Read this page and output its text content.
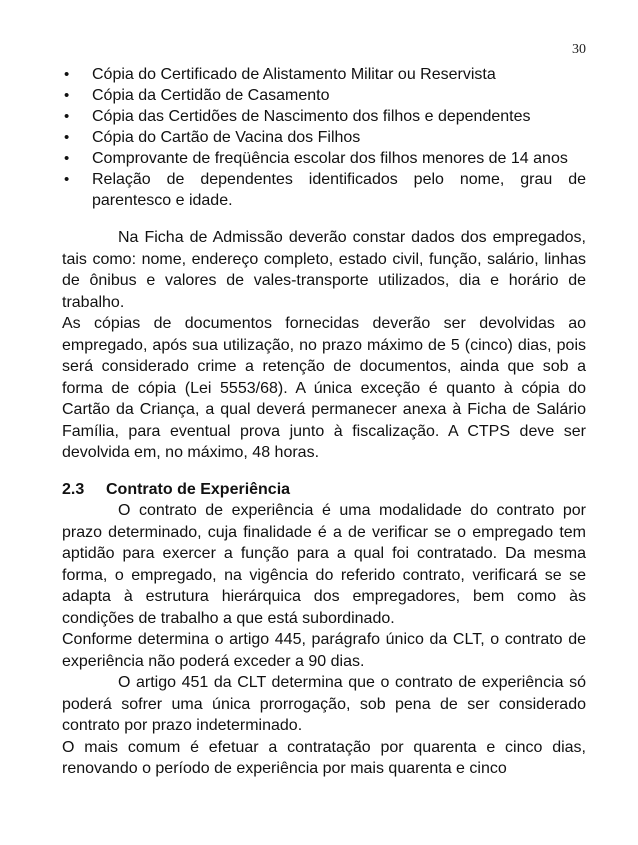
30
• Cópia do Certificado de Alistamento Militar ou Reservista
• Cópia da Certidão de Casamento
• Cópia das Certidões de Nascimento dos filhos e dependentes
• Cópia do Cartão de Vacina dos Filhos
• Comprovante de freqüência escolar dos filhos menores de 14 anos
• Relação de dependentes identificados pelo nome, grau de parentesco e idade.

Na Ficha de Admissão deverão constar dados dos empregados, tais como: nome, endereço completo, estado civil, função, salário, linhas de ônibus e valores de vales-transporte utilizados, dia e horário de trabalho.

As cópias de documentos fornecidas deverão ser devolvidas ao empregado, após sua utilização, no prazo máximo de 5 (cinco) dias, pois será considerado crime a retenção de documentos, ainda que sob a forma de cópia (Lei 5553/68). A única exceção é quanto à cópia do Cartão da Criança, a qual deverá permanecer anexa à Ficha de Salário Família, para eventual prova junto à fiscalização. A CTPS deve ser devolvida em, no máximo, 48 horas.

2.3 Contrato de Experiência

O contrato de experiência é uma modalidade do contrato por prazo determinado, cuja finalidade é a de verificar se o empregado tem aptidão para exercer a função para a qual foi contratado. Da mesma forma, o empregado, na vigência do referido contrato, verificará se se adapta à estrutura hierárquica dos empregadores, bem como às condições de trabalho a que está subordinado.

Conforme determina o artigo 445, parágrafo único da CLT, o contrato de experiência não poderá exceder a 90 dias.

O artigo 451 da CLT determina que o contrato de experiência só poderá sofrer uma única prorrogação, sob pena de ser considerado contrato por prazo indeterminado.

O mais comum é efetuar a contratação por quarenta e cinco dias, renovando o período de experiência por mais quarenta e cinco
